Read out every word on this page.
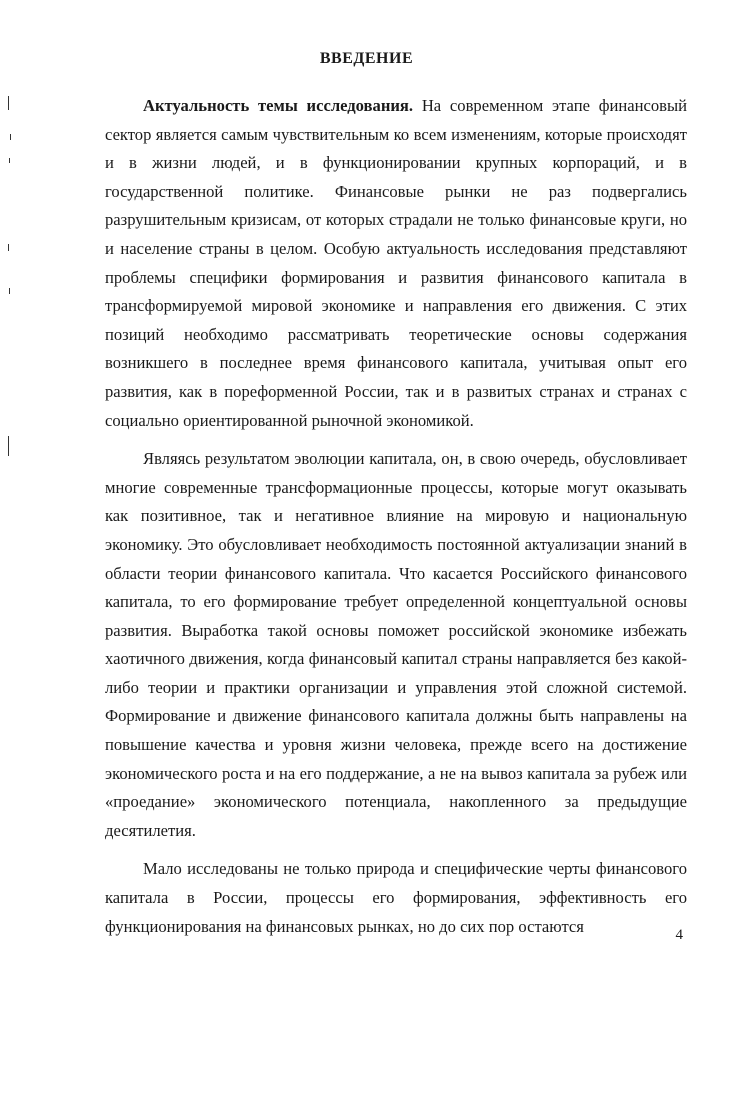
ВВЕДЕНИЕ

Актуальность темы исследования. На современном этапе финансовый сектор является самым чувствительным ко всем изменениям, которые происходят и в жизни людей, и в функционировании крупных корпораций, и в государственной политике. Финансовые рынки не раз подвергались разрушительным кризисам, от которых страдали не только финансовые круги, но и население страны в целом. Особую актуальность исследования представляют проблемы специфики формирования и развития финансового капитала в трансформируемой мировой экономике и направления его движения. С этих позиций необходимо рассматривать теоретические основы содержания возникшего в последнее время финансового капитала, учитывая опыт его развития, как в пореформенной России, так и в развитых странах и странах с социально ориентированной рыночной экономикой.

Являясь результатом эволюции капитала, он, в свою очередь, обусловливает многие современные трансформационные процессы, которые могут оказывать как позитивное, так и негативное влияние на мировую и национальную экономику. Это обусловливает необходимость постоянной актуализации знаний в области теории финансового капитала. Что касается Российского финансового капитала, то его формирование требует определенной концептуальной основы развития. Выработка такой основы поможет российской экономике избежать хаотичного движения, когда финансовый капитал страны направляется без какой-либо теории и практики организации и управления этой сложной системой. Формирование и движение финансового капитала должны быть направлены на повышение качества и уровня жизни человека, прежде всего на достижение экономического роста и на его поддержание, а не на вывоз капитала за рубеж или «проедание» экономического потенциала, накопленного за предыдущие десятилетия.

Мало исследованы не только природа и специфические черты финансового капитала в России, процессы его формирования, эффективность его функционирования на финансовых рынках, но до сих пор остаются	4
